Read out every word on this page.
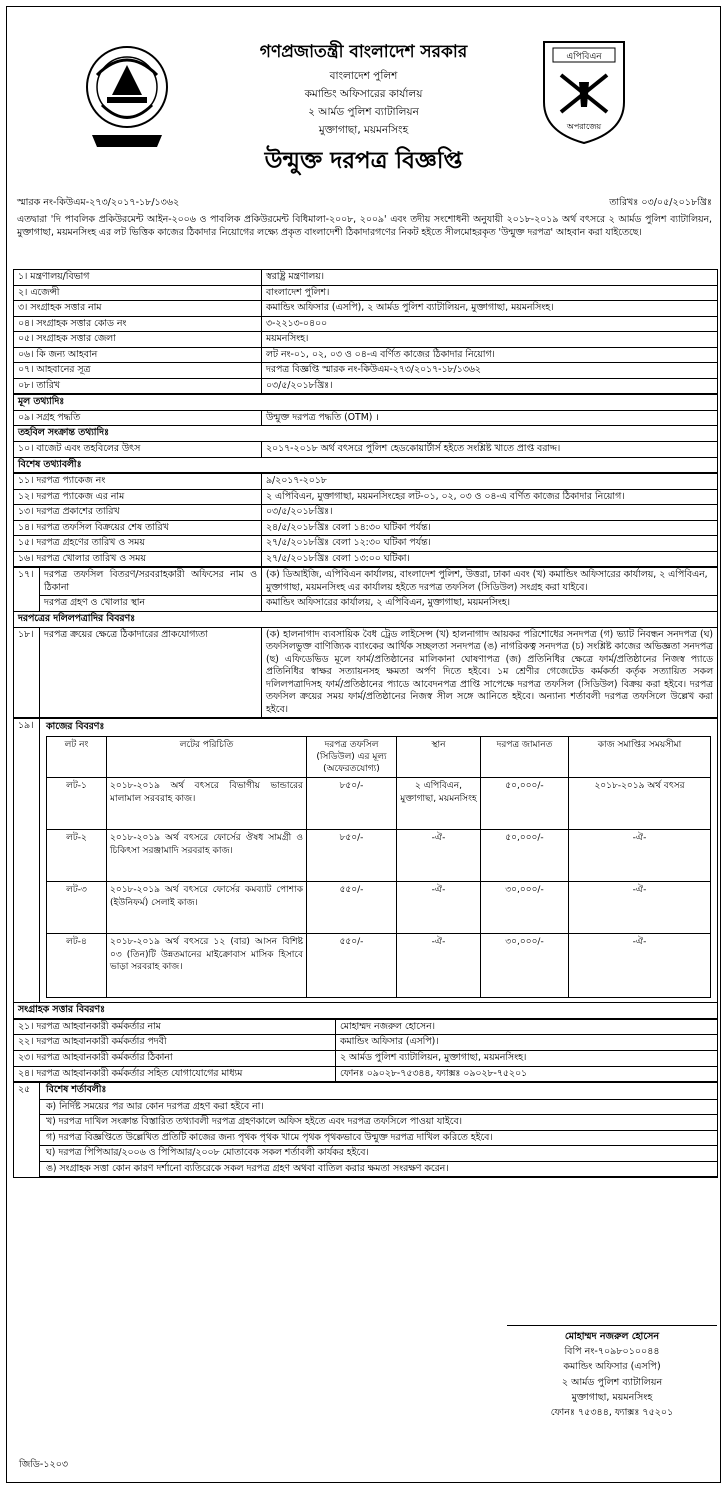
গণপ্রজাতন্ত্রী বাংলাদেশ সরকার
বাংলাদেশ পুলিশ
কমান্ডিং অফিসারের কার্যালয়
২ আর্মড পুলিশ ব্যাটালিয়ন
মুক্তাগাছা, ময়মনসিংহ
উন্মুক্ত দরপত্র বিজ্ঞপ্তি
এপিবিএন
অপরাজেয়
স্মারক নং-কিউএম-২৭৩/২০১৭-১৮/১৩৬২	তারিখঃ ০৩/০৫/২০১৮খ্রিঃ
এতদ্বারা 'দি পাবলিক প্রকিউরমেন্ট আইন-২০০৬ ও পাবলিক প্রকিউরমেন্ট বিধিমালা-২০০৮, ২০০৯' এবং তদীয় সংশোধনী অনুযায়ী ২০১৮-২০১৯ অর্থ বৎসরে ২ আর্মড পুলিশ ব্যাটালিয়ন, মুক্তাগাছা, ময়মনসিংহ এর লট ভিত্তিক কাজের ঠিকাদার নিয়োগের লক্ষ্যে প্রকৃত বাংলাদেশী ঠিকাদারগণের নিকট হইতে সীলমোহরকৃত 'উন্মুক্ত দরপত্র' আহবান করা যাইতেছে।
১। মন্ত্রণালয়/বিভাগ	স্বরাষ্ট্র মন্ত্রণালয়।
২। এজেন্সী	বাংলাদেশ পুলিশ।
৩। সংগ্রাহক সত্তার নাম	কমান্ডিং অফিসার (এসপি), ২ আর্মড পুলিশ ব্যাটালিয়ন, মুক্তাগাছা, ময়মনসিংহ।
০৪। সংগ্রাহক সত্তার কোড নং	৩-২২১৩-০৪০০
০৫। সংগ্রাহক সত্তার জেলা	ময়মনসিংহ।
০৬। কি জন্য আহবান	লট নং-০১, ০২, ০৩ ও ০৪-এ বর্ণিত কাজের ঠিকাদার নিয়োগ।
০৭। আহবানের সূত্র	দরপত্র বিজ্ঞপ্তি স্মারক নং-কিউএম-২৭৩/২০১৭-১৮/১৩৬২
০৮। তারিখ	০৩/৫/২০১৮খ্রিঃ।
মূল তথ্যাদিঃ	
০৯। সগ্রহ পদ্ধতি	উন্মুক্ত দরপত্র পদ্ধতি (OTM) ।
তহবিল সংক্রান্ত তথ্যাদিঃ	
১০। বাজেট এবং তহবিলের উৎস	২০১৭-২০১৮ অর্থ বৎসরে পুলিশ হেডকোয়ার্টার্স হইতে সংশ্লিষ্ট খাতে প্রাপ্ত বরাদ্দ।
বিশেষ তথ্যাবলীঃ	
১১। দরপত্র প্যাকেজ নং	৯/২০১৭-২০১৮
১২। দরপত্র প্যাকেজ এর নাম	২ এপিবিএন, মুক্তাগাছা, ময়মনসিংহের লট-০১, ০২, ০৩ ও ০৪-এ বর্ণিত কাজের ঠিকাদার নিয়োগ।
১৩। দরপত্র প্রকাশের তারিখ	০৩/৫/২০১৮খ্রিঃ।
১৪। দরপত্র তফসিল বিক্রয়ের শেষ তারিখ	২৪/৫/২০১৮খ্রিঃ বেলা ১৪:৩০ ঘটিকা পর্যন্ত।
১৫। দরপত্র গ্রহণের তারিখ ও সময়	২৭/৫/২০১৮খ্রিঃ বেলা ১২:৩০ ঘটিকা পর্যন্ত।
১৬। দরপত্র খোলার তারিখ ও সময়	২৭/৫/২০১৮খ্রিঃ বেলা ১৩:০০ ঘটিকা।
১৭।	দরপত্র তফসিল বিতরণ/সরবরাহকারী অফিসের নাম ও ঠিকানা	(ক) ডিআইজি, এপিবিএন কার্যালয়, বাংলাদেশ পুলিশ, উত্তরা, ঢাকা এবং (খ) কমান্ডিং অফিসারের কার্যালয়, ২ এপিবিএন, মুক্তাগাছা, ময়মনসিংহ এর কার্যালয় হইতে দরপত্র তফসিল (সিডিউল) সংগ্রহ করা যাইবে।
	দরপত্র গ্রহণ ও খোলার স্থান	কমান্ডিং অফিসারের কার্যালয়, ২ এপিবিএন, মুক্তাগাছা, ময়মনসিংহ।
দরপত্রের দলিলপত্রাদির বিবরণঃ		
১৮।	দরপত্র ক্রয়ের ক্ষেত্রে ঠিকাদারের প্রাকযোগ্যতা	(ক) হালনাগাদ ব্যবসায়িক বৈধ ট্রেড লাইসেন্স (খ) হালনাগাদ আয়কর পরিশোধের সনদপত্র (গ) ভ্যাট নিবন্ধন সনদপত্র (ঘ) তফসিলভুক্ত বাণিজ্যিক ব্যাংকের আর্থিক সচ্ছলতা সনদপত্র (ঙ) নাগরিকত্ব সনদপত্র (চ) সংশ্লিষ্ট কাজের অভিজ্ঞতা সনদপত্র (ছ) এফিডেভিড মূলে ফার্ম/প্রতিষ্ঠানের মালিকানা ঘোষণাপত্র (জ) প্রতিনিধির ক্ষেত্রে ফার্ম/প্রতিষ্ঠানের নিজস্ব প্যাডে প্রতিনিধির স্বাক্ষর সত্যায়নসহ ক্ষমতা অর্পণ দিতে হইবে। ১ম শ্রেণীর গেজেটেড কর্মকর্তা কর্তৃক সত্যায়িত সকল দলিলপত্রাদিসহ ফার্ম/প্রতিষ্ঠানের প্যাডে আবেদনপত্র প্রাপ্তি সাপেক্ষে দরপত্র তফসিল (সিডিউল) বিক্রয় করা হইবে। দরপত্র তফসিল ক্রয়ের সময় ফার্ম/প্রতিষ্ঠানের নিজস্ব সীল সঙ্গে আনিতে হইবে। অন্যান্য শর্তাবলী দরপত্র তফসিলে উল্লেখ করা হইবে।
১৯।	কাজের বিবরণঃ
লট নং	লটের পরিচিতি	দরপত্র তফসিল (সিডিউল) এর মূল্য (অফেরতযোগ্য)	স্থান	দরপত্র জামানত	কাজ সমাপ্তির সময়সীমা
লট-১	২০১৮-২০১৯ অর্থ বৎসরে বিভাগীয় ভান্ডারের মালামাল সরবরাহ কাজ।	৮৫০/-	২ এপিবিএন, মুক্তাগাছা, ময়মনসিংহ	৫০,০০০/-	২০১৮-২০১৯ অর্থ বৎসর
লট-২	২০১৮-২০১৯ অর্থ বৎসরে ফোর্সের ঔষধ সামগ্রী ও চিকিৎসা সরঞ্জামাদি সরবরাহ কাজ।	৮৫০/-	-ঐ-	৫০,০০০/-	-ঐ-
লট-৩	২০১৮-২০১৯ অর্থ বৎসরে ফোর্সের কমব্যাট পোশাক (ইউনিফর্ম) সেলাই কাজ।	৫৫০/-	-ঐ-	৩০,০০০/-	-ঐ-
লট-৪	২০১৮-২০১৯ অর্থ বৎসরে ১২ (বার) আসন বিশিষ্ট ০৩ (তিন)টি উন্নতমানের মাইক্রোবাস মাসিক হিসাবে ভাড়া সরবরাহ কাজ।	৫৫০/-	-ঐ-	৩০,০০০/-	-ঐ-

সংগ্রাহক সত্তার বিবরণঃ
২১। দরপত্র আহবানকারী কর্মকর্তার নাম	মোহাম্মদ নজরুল হোসেন।
২২। দরপত্র আহবানকারী কর্মকর্তার পদবী	কমান্ডিং অফিসার (এসপি)।
২৩। দরপত্র আহবানকারী কর্মকর্তার ঠিকানা	২ আর্মড পুলিশ ব্যাটালিয়ন, মুক্তাগাছা, ময়মনসিংহ।
২৪। দরপত্র আহবানকারী কর্মকর্তার সহিত যোগাযোগের মাধ্যম	ফোনঃ ০৯০২৮-৭৫৩৪৪, ফ্যাক্সঃ ০৯০২৮-৭৫২০১
২৫	বিশেষ শর্তাবলীঃ
ক) নির্দিষ্ট সময়ের পর আর কোন দরপত্র গ্রহণ করা হইবে না।
খ) দরপত্র দাখিল সংক্রান্ত বিস্তারিত তথ্যাবলী দরপত্র গ্রহণকালে অফিস হইতে এবং দরপত্র তফসিলে পাওয়া যাইবে।
গ) দরপত্র বিজ্ঞপ্তিতে উল্লেখিত প্রতিটি কাজের জন্য পৃথক পৃথক খামে পৃথক পৃথকভাবে উন্মুক্ত দরপত্র দাখিল করিতে হইবে।
ঘ) দরপত্র পিপিআর/২০০৬ ও পিপিআর/২০০৮ মোতাবেক সকল শর্তাবলী কার্যকর হইবে।
ঙ) সংগ্রাহক সত্তা কোন কারণ দর্শানো ব্যতিরেকে সকল দরপত্র গ্রহণ অথবা বাতিল করার ক্ষমতা সংরক্ষণ করেন।
মোহাম্মদ নজরুল হোসেন
বিপি নং-৭০৯৮০১০০৪৪
কমান্ডিং অফিসার (এসপি)
২ আর্মড পুলিশ ব্যাটালিয়ন
মুক্তাগাছা, ময়মনসিংহ
ফোনঃ ৭৫৩৪৪, ফ্যাক্সঃ ৭৫২০১
জিডি-১২০৩
